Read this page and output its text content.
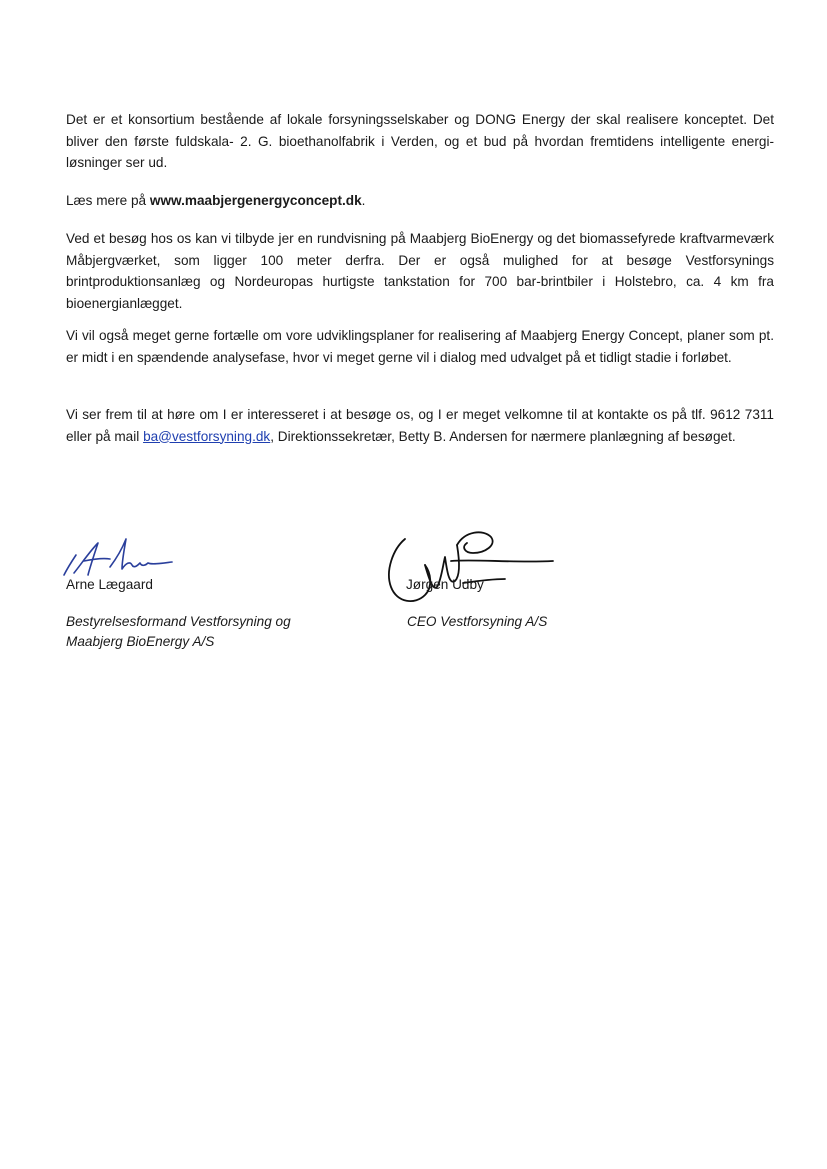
Det er et konsortium bestående af lokale forsyningsselskaber og DONG Energy der skal realisere konceptet. Det bliver den første fuldskala- 2. G. bioethanolfabrik i Verden, og et bud på hvordan fremtidens intelligente energi-løsninger ser ud.

Læs mere på www.maabjergenergyconcept.dk.

Ved et besøg hos os kan vi tilbyde jer en rundvisning på Maabjerg BioEnergy og det biomassefyrede kraftvarmeværk Måbjergværket, som ligger 100 meter derfra. Der er også mulighed for at besøge Vestforsynings brintproduktionsanlæg og Nordeuropas hurtigste tankstation for 700 bar-brintbiler i Holstebro, ca. 4 km fra bioenergianlægget.

Vi vil også meget gerne fortælle om vore udviklingsplaner for realisering af Maabjerg Energy Concept, planer som pt. er midt i en spændende analysefase, hvor vi meget gerne vil i dialog med udvalget på et tidligt stadie i forløbet.

Vi ser frem til at høre om I er interesseret i at besøge os, og I er meget velkomne til at kontakte os på tlf. 9612 7311 eller på mail ba@vestforsyning.dk, Direktionssekretær, Betty B. Andersen for nærmere planlægning af besøget.

Arne Lægaard
Bestyrelsesformand Vestforsyning og
Maabjerg BioEnergy A/S
Jørgen Udby
CEO Vestforsyning A/S
